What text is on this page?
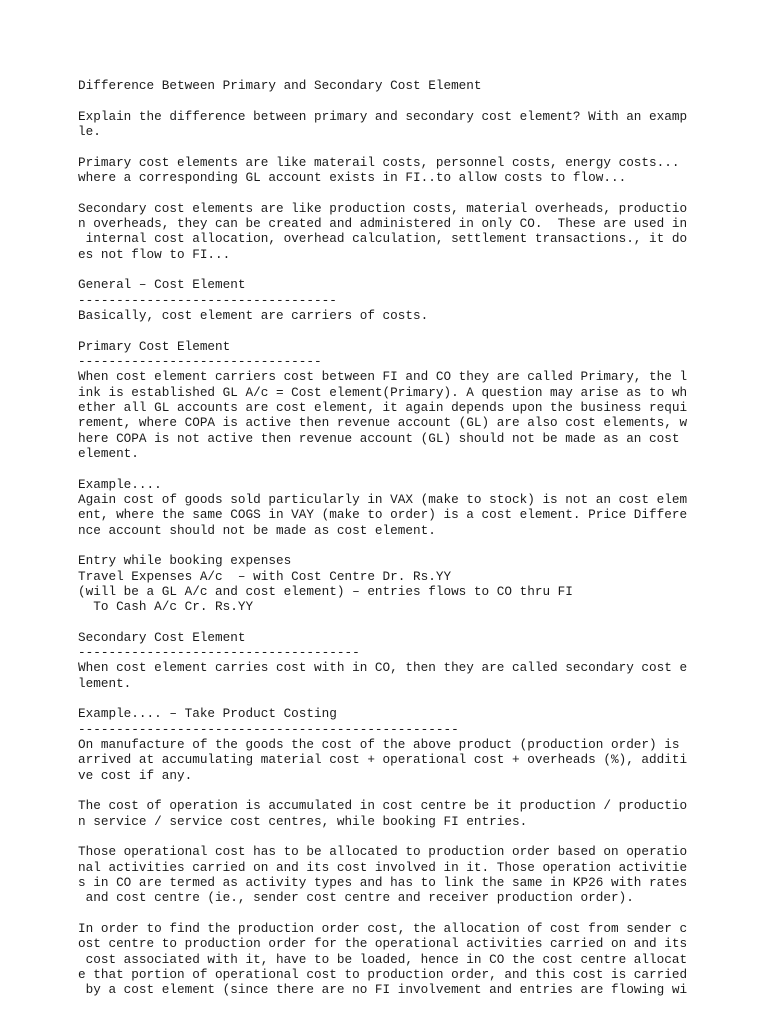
Difference Between Primary and Secondary Cost Element
Explain the difference between primary and secondary cost element? With an examp
le.
Primary cost elements are like materail costs, personnel costs, energy costs...
where a corresponding GL account exists in FI..to allow costs to flow...
Secondary cost elements are like production costs, material overheads, productio
n overheads, they can be created and administered in only CO.  These are used in
internal cost allocation, overhead calculation, settlement transactions., it do
es not flow to FI...
General – Cost Element
----------------------------------
Basically, cost element are carriers of costs.
Primary Cost Element
--------------------------------
When cost element carriers cost between FI and CO they are called Primary, the l
ink is established GL A/c = Cost element(Primary). A question may arise as to wh
ether all GL accounts are cost element, it again depends upon the business requi
rement, where COPA is active then revenue account (GL) are also cost elements, w
here COPA is not active then revenue account (GL) should not be made as an cost
element.
Example....
Again cost of goods sold particularly in VAX (make to stock) is not an cost elem
ent, where the same COGS in VAY (make to order) is a cost element. Price Differe
nce account should not be made as cost element.
Entry while booking expenses
Travel Expenses A/c  – with Cost Centre Dr. Rs.YY
(will be a GL A/c and cost element) – entries flows to CO thru FI
To Cash A/c Cr. Rs.YY
Secondary Cost Element
-------------------------------------
When cost element carries cost with in CO, then they are called secondary cost e
lement.
Example.... – Take Product Costing
--------------------------------------------------
On manufacture of the goods the cost of the above product (production order) is
arrived at accumulating material cost + operational cost + overheads (%), additi
ve cost if any.
The cost of operation is accumulated in cost centre be it production / productio
n service / service cost centres, while booking FI entries.
Those operational cost has to be allocated to production order based on operatio
nal activities carried on and its cost involved in it. Those operation activitie
s in CO are termed as activity types and has to link the same in KP26 with rates
and cost centre (ie., sender cost centre and receiver production order).
In order to find the production order cost, the allocation of cost from sender c
ost centre to production order for the operational activities carried on and its
cost associated with it, have to be loaded, hence in CO the cost centre allocat
e that portion of operational cost to production order, and this cost is carried
by a cost element (since there are no FI involvement and entries are flowing wi
